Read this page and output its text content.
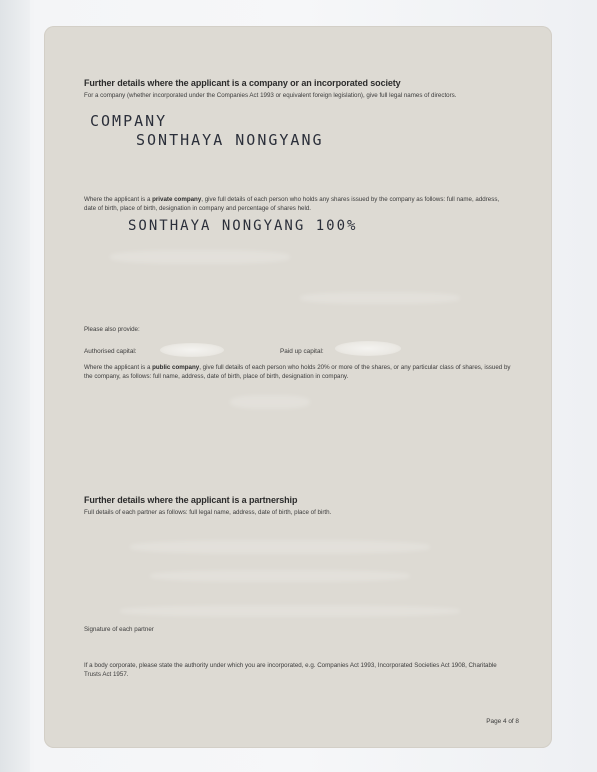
Further details where the applicant is a company or an incorporated society
For a company (whether incorporated under the Companies Act 1993 or equivalent foreign legislation), give full legal names of directors.
COMPANY
SONTHAYA NONGYANG
Where the applicant is a private company, give full details of each person who holds any shares issued by the company as follows: full name, address, date of birth, place of birth, designation in company and percentage of shares held.
SONTHAYA NONGYANG 100%
Please also provide:
Authorised capital:	Paid up capital:
Where the applicant is a public company, give full details of each person who holds 20% or more of the shares, or any particular class of shares, issued by the company, as follows: full name, address, date of birth, place of birth, designation in company.
Further details where the applicant is a partnership
Full details of each partner as follows: full legal name, address, date of birth, place of birth.
Signature of each partner
If a body corporate, please state the authority under which you are incorporated, e.g. Companies Act 1993, Incorporated Societies Act 1908, Charitable Trusts Act 1957.
Page 4 of 8
